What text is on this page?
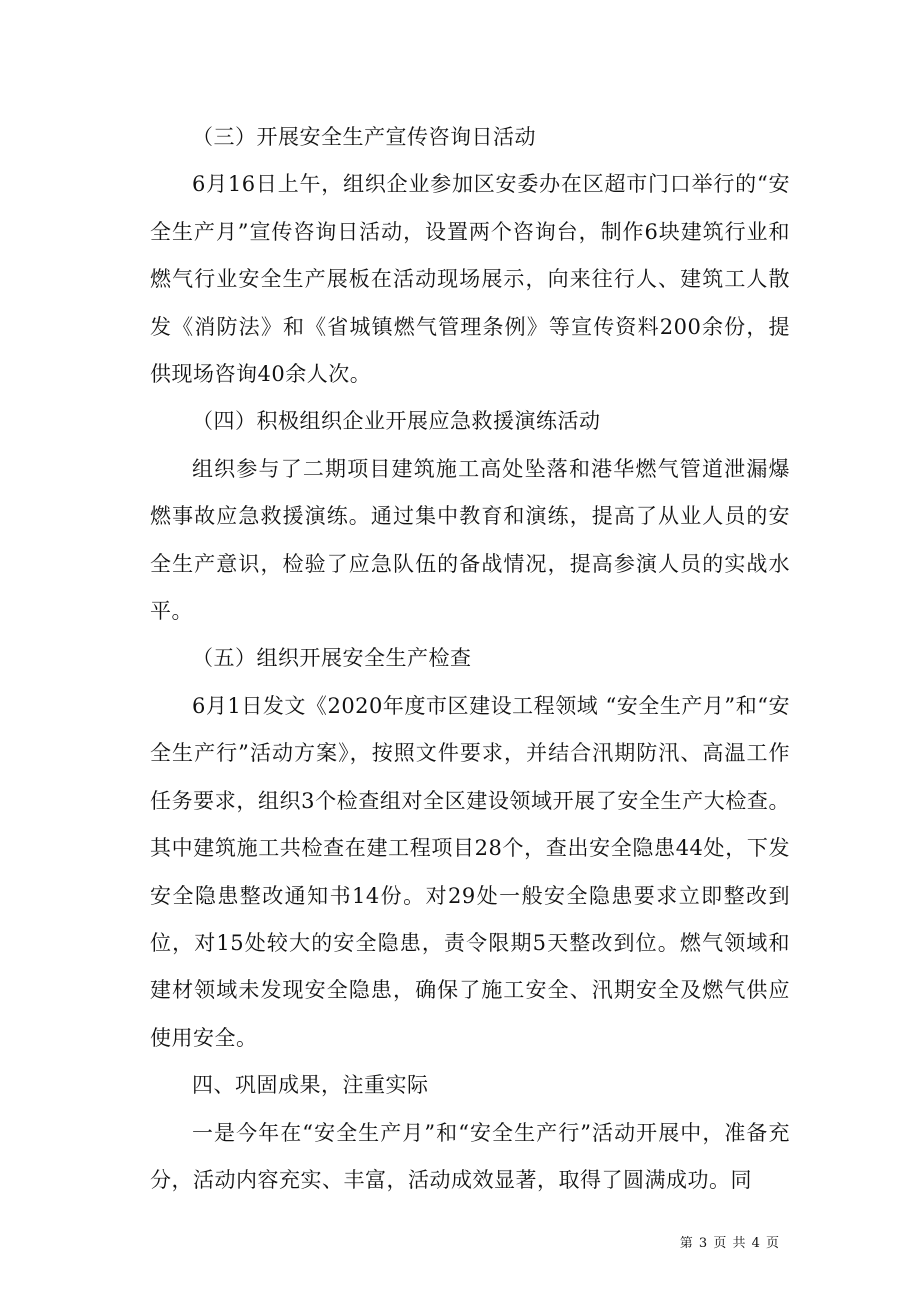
（三）开展安全生产宣传咨询日活动

6月16日上午，组织企业参加区安委办在区超市门口举行的“安全生产月”宣传咨询日活动，设置两个咨询台，制作6块建筑行业和燃气行业安全生产展板在活动现场展示，向来往行人、建筑工人散发《消防法》和《省城镇燃气管理条例》等宣传资料200余份，提供现场咨询40余人次。

（四）积极组织企业开展应急救援演练活动

组织参与了二期项目建筑施工高处坠落和港华燃气管道泄漏爆燃事故应急救援演练。通过集中教育和演练，提高了从业人员的安全生产意识，检验了应急队伍的备战情况，提高参演人员的实战水平。

（五）组织开展安全生产检查

6月1日发文《2020年度市区建设工程领域 “安全生产月”和“安全生产行”活动方案》，按照文件要求，并结合汛期防汛、高温工作任务要求，组织3个检查组对全区建设领域开展了安全生产大检查。其中建筑施工共检查在建工程项目28个，查出安全隐患44处，下发安全隐患整改通知书14份。对29处一般安全隐患要求立即整改到位，对15处较大的安全隐患，责令限期5天整改到位。燃气领域和建材领域未发现安全隐患，确保了施工安全、汛期安全及燃气供应使用安全。

四、巩固成果，注重实际

一是今年在“安全生产月”和“安全生产行”活动开展中，准备充分，活动内容充实、丰富，活动成效显著，取得了圆满成功。同

第 3 页 共 4 页
